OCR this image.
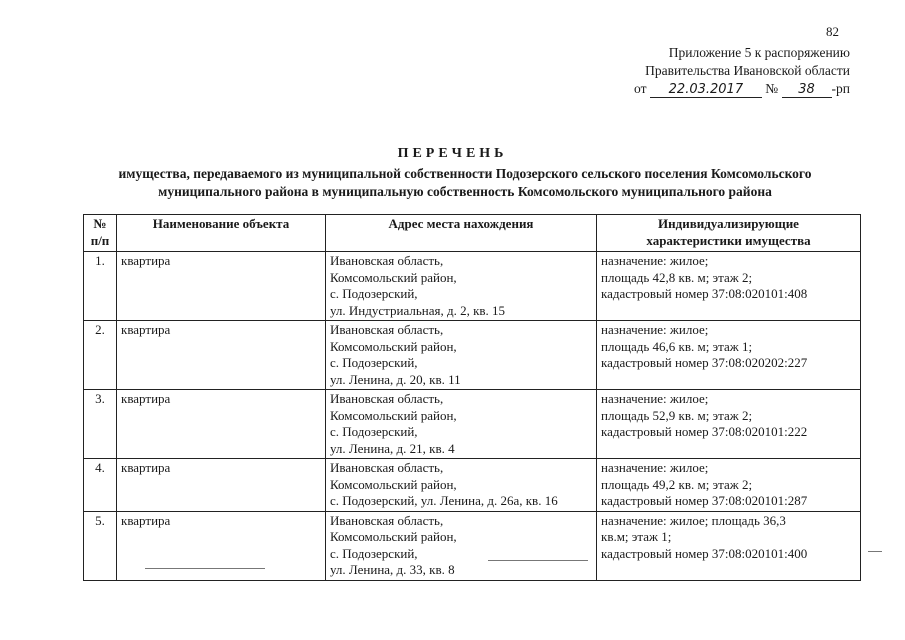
82
Приложение 5 к распоряжению
Правительства Ивановской области
от 22.03.2017 № 38 -рп
ПЕРЕЧЕНЬ
имущества, передаваемого из муниципальной собственности Подозерского сельского поселения Комсомольского
муниципального района в муниципальную собственность Комсомольского муниципального района
№
п/п	Наименование объекта	Адрес места нахождения	Индивидуализирующие
характеристики имущества

1.	квартира	Ивановская область,
Комсомольский район,
с. Подозерский,
ул. Индустриальная, д. 2, кв. 15	назначение: жилое;
площадь 42,8 кв. м; этаж 2;
кадастровый номер 37:08:020101:408

2.	квартира	Ивановская область,
Комсомольский район,
с. Подозерский,
ул. Ленина, д. 20, кв. 11	назначение: жилое;
площадь 46,6 кв. м; этаж 1;
кадастровый номер 37:08:020202:227

3.	квартира	Ивановская область,
Комсомольский район,
с. Подозерский,
ул. Ленина, д. 21, кв. 4	назначение: жилое;
площадь 52,9 кв. м; этаж 2;
кадастровый номер 37:08:020101:222

4.	квартира	Ивановская область,
Комсомольский район,
с. Подозерский, ул. Ленина, д. 26а, кв. 16	назначение: жилое;
площадь 49,2 кв. м; этаж 2;
кадастровый номер 37:08:020101:287

5.	квартира	Ивановская область,
Комсомольский район,
с. Подозерский,
ул. Ленина, д. 33, кв. 8	назначение: жилое; площадь 36,3
кв.м; этаж 1;
кадастровый номер 37:08:020101:400
